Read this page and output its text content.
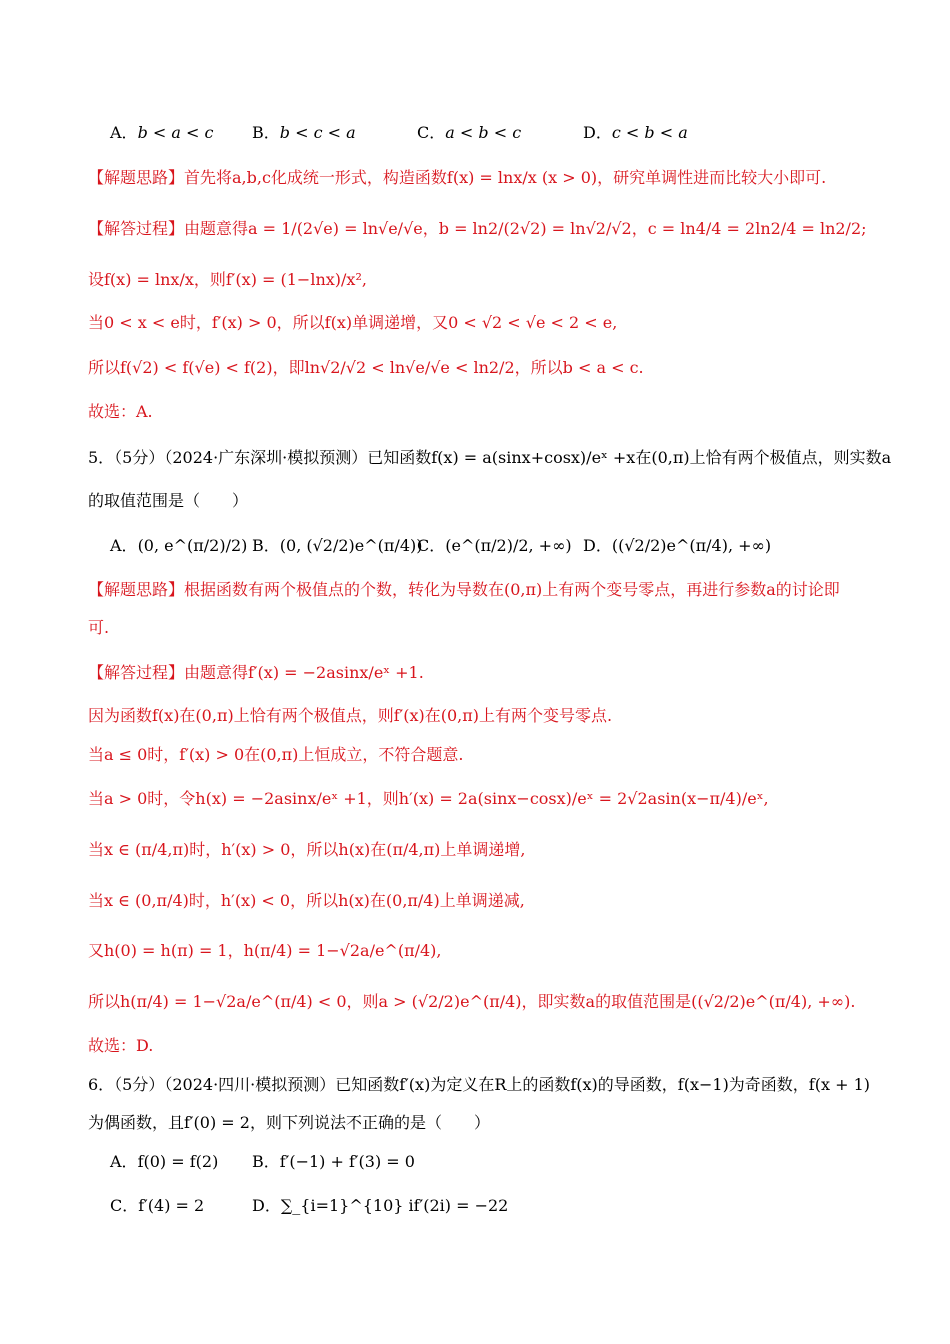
A．b < a < c B．b < c < a	C．a < b < c	D．c < b < a
【解题思路】首先将a,b,c化成统一形式，构造函数f(x) = lnx/x (x > 0)，研究单调性进而比较大小即可.
【解答过程】由题意得a = 1/(2√e) = ln√e/√e，b = ln2/(2√2) = ln√2/√2，c = ln4/4 = 2ln2/4 = ln2/2;
设f(x) = lnx/x，则f′(x) = (1−lnx)/x²,
当0 < x < e时，f′(x) > 0，所以f(x)单调递增，又0 < √2 < √e < 2 < e,
所以f(√2) < f(√e) < f(2)，即ln√2/√2 < ln√e/√e < ln2/2，所以b < a < c.
故选：A.
5．（5分）（2024·广东深圳·模拟预测）已知函数f(x) = a(sinx+cosx)/eˣ +x在(0,π)上恰有两个极值点，则实数a
的取值范围是（　　）
A．(0, e^(π/2)/2) B．(0, (√2/2)e^(π/4))
C．(e^(π/2)/2, +∞) D．((√2/2)e^(π/4), +∞)
【解题思路】根据函数有两个极值点的个数，转化为导数在(0,π)上有两个变号零点，再进行参数a的讨论即
可.
【解答过程】由题意得f′(x) = −2asinx/eˣ +1.
因为函数f(x)在(0,π)上恰有两个极值点，则f′(x)在(0,π)上有两个变号零点.
当a ≤ 0时，f′(x) > 0在(0,π)上恒成立，不符合题意.
当a > 0时，令h(x) = −2asinx/eˣ +1，则h′(x) = 2a(sinx−cosx)/eˣ = 2√2asin(x−π/4)/eˣ,
当x ∈ (π/4,π)时，h′(x) > 0，所以h(x)在(π/4,π)上单调递增,
当x ∈ (0,π/4)时，h′(x) < 0，所以h(x)在(0,π/4)上单调递减,
又h(0) = h(π) = 1，h(π/4) = 1−√2a/e^(π/4),
所以h(π/4) = 1−√2a/e^(π/4) < 0，则a > (√2/2)e^(π/4)，即实数a的取值范围是((√2/2)e^(π/4), +∞).
故选：D.
6．（5分）（2024·四川·模拟预测）已知函数f′(x)为定义在R上的函数f(x)的导函数，f(x−1)为奇函数，f(x + 1)
为偶函数，且f′(0) = 2，则下列说法不正确的是（　　）
A．f(0) = f(2) B．f′(−1) + f′(3) = 0
C．f′(4) = 2	D．∑_{i=1}^{10} if′(2i) = −22
